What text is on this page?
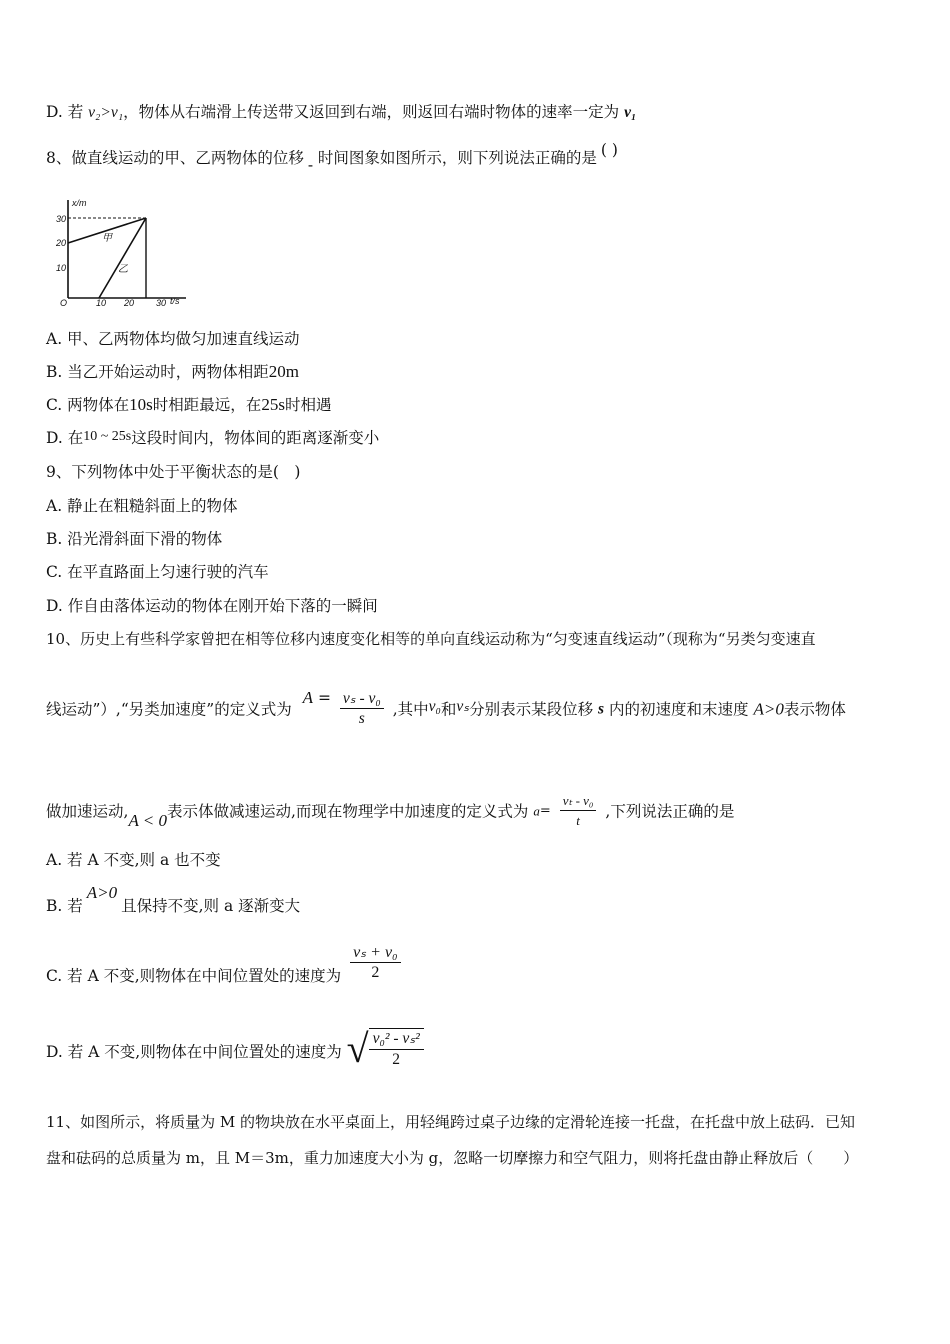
D. 若 v₂>v₁，物体从右端滑上传送带又返回到右端，则返回右端时物体的速率一定为 v₁
8、做直线运动的甲、乙两物体的位移 - 时间图象如图所示，则下列说法正确的是 ( )
x/m
t/s
30
20
10
O	10 20 30
甲
乙
A. 甲、乙两物体均做匀加速直线运动
B. 当乙开始运动时，两物体相距20m
C. 两物体在10s时相距最远，在25s时相遇
D. 在10 ~ 25s这段时间内，物体间的距离逐渐变小
9、下列物体中处于平衡状态的是(　)
A. 静止在粗糙斜面上的物体
B. 沿光滑斜面下滑的物体
C. 在平直路面上匀速行驶的汽车
D. 作自由落体运动的物体在刚开始下落的一瞬间
10、历史上有些科学家曾把在相等位移内速度变化相等的单向直线运动称为“匀变速直线运动”（现称为“另类匀变速直
线运动”）,“另类加速度”的定义式为 $A = \frac{\text{vₛ - v₀}}{s}$ ,其中v₀和vₛ分别表示某段位移 s 内的初速度和末速度 A>0表示物体
做加速运动,A < 0表示体做减速运动,而现在物理学中加速度的定义式为 $a= \frac{\text{vₜ - v₀}}{t}$ ,下列说法正确的是
A. 若 A 不变,则 a 也不变
B. 若A>0且保持不变,则 a 逐渐变大
C. 若 A 不变,则物体在中间位置处的速度为 $\frac{\text{vₛ + v₀}}{2}$
D. 若 A 不变,则物体在中间位置处的速度为 √ $\frac{\text{v₀² - vₛ²}}{2}$
11、如图所示，将质量为 M 的物块放在水平桌面上，用轻绳跨过桌子边缘的定滑轮连接一托盘，在托盘中放上砝码．已知
盘和砝码的总质量为 m，且 M＝3m，重力加速度大小为 g，忽略一切摩擦力和空气阻力，则将托盘由静止释放后（　　）
